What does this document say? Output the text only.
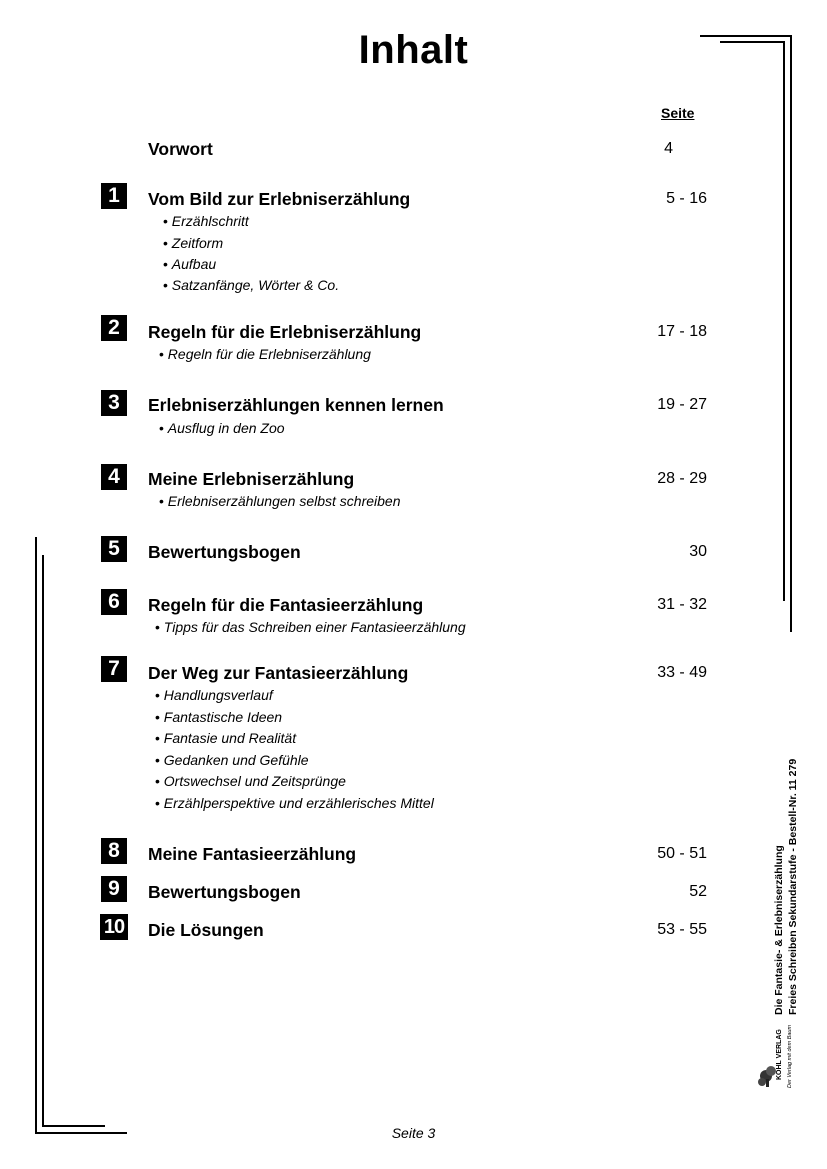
Inhalt
Seite
Vorwort	4
1	Vom Bild zur Erlebniserzählung	5 - 16
• Erzählschritt
• Zeitform
• Aufbau
• Satzanfänge, Wörter & Co.
2	Regeln für die Erlebniserzählung	17 - 18
• Regeln für die Erlebniserzählung
3	Erlebniserzählungen kennen lernen	19 - 27
• Ausflug in den Zoo
4	Meine Erlebniserzählung	28 - 29
• Erlebniserzählungen selbst schreiben
5	Bewertungsbogen	30
6	Regeln für die Fantasieerzählung	31 - 32
• Tipps für das Schreiben einer Fantasieerzählung
7	Der Weg zur Fantasieerzählung	33 - 49
• Handlungsverlauf
• Fantastische Ideen
• Fantasie und Realität
• Gedanken und Gefühle
• Ortswechsel und Zeitsprünge
• Erzählperspektive und erzählerisches Mittel
8	Meine Fantasieerzählung	50 - 51
9	Bewertungsbogen	52
10 Die Lösungen	53 - 55	Die Fantasie- & Erlebniserzählung Freies Schreiben Sekundarstufe - Bestell-Nr. 11 279
KOHL VERLAG Der Verlag mit dem Baum
Seite 3
